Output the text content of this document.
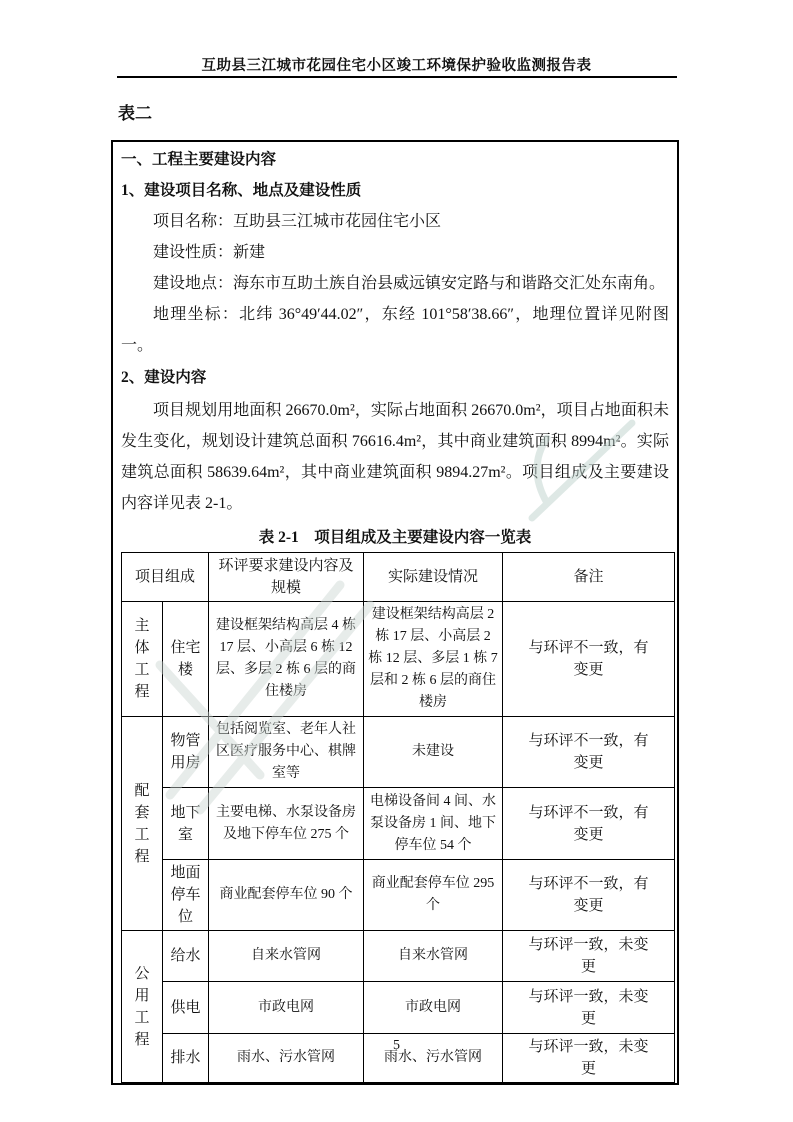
互助县三江城市花园住宅小区竣工环境保护验收监测报告表
表二
一、工程主要建设内容
1、建设项目名称、地点及建设性质

项目名称：互助县三江城市花园住宅小区

建设性质：新建

建设地点：海东市互助土族自治县威远镇安定路与和谐路交汇处东南角。

地理坐标：北纬 36°49′44.02″，东经 101°58′38.66″，地理位置详见附图一。

2、建设内容

项目规划用地面积 26670.0m²，实际占地面积 26670.0m²，项目占地面积未发生变化，规划设计建筑总面积 76616.4m²，其中商业建筑面积 8994m²。实际建筑总面积 58639.64m²，其中商业建筑面积 9894.27m²。项目组成及主要建设内容详见表 2-1。

表 2-1　项目组成及主要建设内容一览表
项目组成		环评要求建设内容及规模	实际建设情况	备注
主体工程	住宅楼	建设框架结构高层 4 栋 17 层、小高层 6 栋 12 层、多层 2 栋 6 层的商住楼房	建设框架结构高层 2 栋 17 层、小高层 2 栋 12 层、多层 1 栋 7 层和 2 栋 6 层的商住楼房	与环评不一致，有变更
配套工程	物管用房	包括阅览室、老年人社区医疗服务中心、棋牌室等	未建设	与环评不一致，有变更
	地下室	主要电梯、水泵设备房及地下停车位 275 个	电梯设备间 4 间、水泵设备房 1 间、地下停车位 54 个	与环评不一致，有变更
	地面停车位	商业配套停车位 90 个	商业配套停车位 295 个	与环评不一致，有变更
公用工程	给水	自来水管网	自来水管网	与环评一致，未变更
	供电	市政电网	市政电网	与环评一致，未变更
	排水	雨水、污水管网	雨水、污水管网	与环评一致，未变更
5
